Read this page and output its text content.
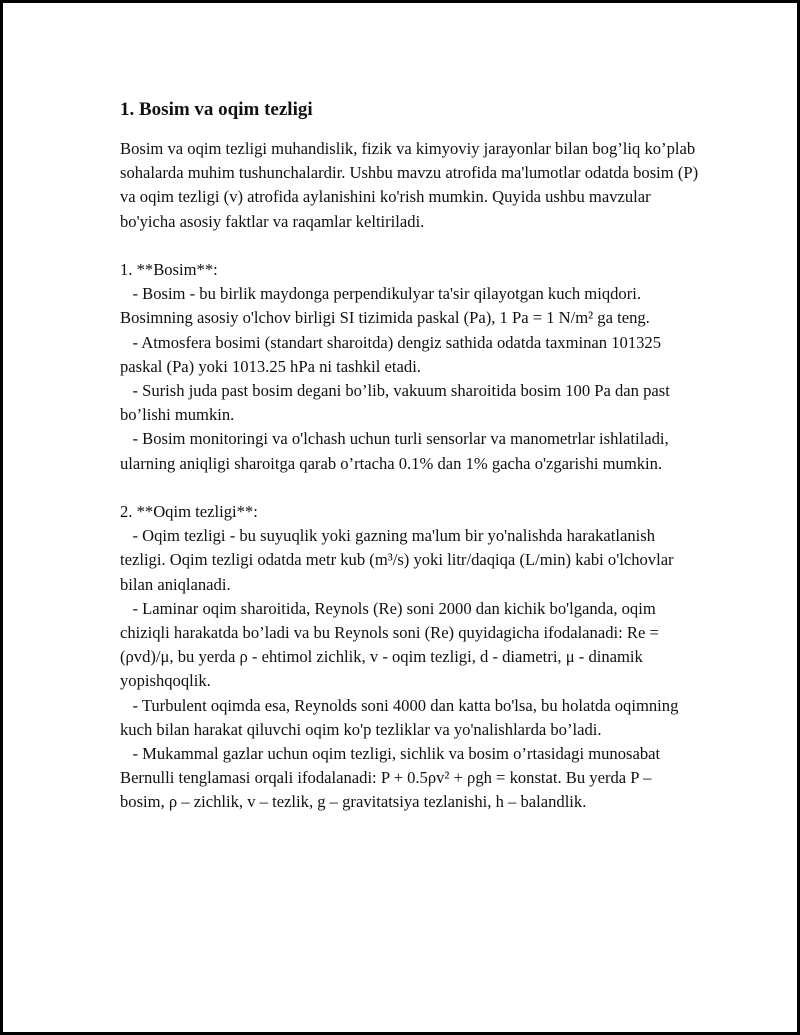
1. Bosim va oqim tezligi

Bosim va oqim tezligi muhandislik, fizik va kimyoviy jarayonlar bilan bog’liq ko’plab sohalarda muhim tushunchalardir. Ushbu mavzu atrofida ma'lumotlar odatda bosim (P) va oqim tezligi (v) atrofida aylanishini ko'rish mumkin. Quyida ushbu mavzular bo'yicha asosiy faktlar va raqamlar keltiriladi.

1. **Bosim**:

- Bosim - bu birlik maydonga perpendikulyar ta'sir qilayotgan kuch miqdori. Bosimning asosiy o'lchov birligi SI tizimida paskal (Pa), 1 Pa = 1 N/m² ga teng.

- Atmosfera bosimi (standart sharoitda) dengiz sathida odatda taxminan 101325 paskal (Pa) yoki 1013.25 hPa ni tashkil etadi.

- Surish juda past bosim degani bo’lib, vakuum sharoitida bosim 100 Pa dan past bo’lishi mumkin.

- Bosim monitoringi va o'lchash uchun turli sensorlar va manometrlar ishlatiladi, ularning aniqligi sharoitga qarab o’rtacha 0.1% dan 1% gacha o'zgarishi mumkin.

2. **Oqim tezligi**:

- Oqim tezligi - bu suyuqlik yoki gazning ma'lum bir yo'nalishda harakatlanish tezligi. Oqim tezligi odatda metr kub (m³/s) yoki litr/daqiqa (L/min) kabi o'lchovlar bilan aniqlanadi.

- Laminar oqim sharoitida, Reynols (Re) soni 2000 dan kichik bo'lganda, oqim chiziqli harakatda bo’ladi va bu Reynols soni (Re) quyidagicha ifodalanadi: Re = (ρvd)/μ, bu yerda ρ - ehtimol zichlik, v - oqim tezligi, d - diametri, μ - dinamik yopishqoqlik.

- Turbulent oqimda esa, Reynolds soni 4000 dan katta bo'lsa, bu holatda oqimning kuch bilan harakat qiluvchi oqim ko'p tezliklar va yo'nalishlarda bo’ladi.

- Mukammal gazlar uchun oqim tezligi, sichlik va bosim o’rtasidagi munosabat Bernulli tenglamasi orqali ifodalanadi: P + 0.5ρv² + ρgh = konstat. Bu yerda P – bosim, ρ – zichlik, v – tezlik, g – gravitatsiya tezlanishi, h – balandlik.
